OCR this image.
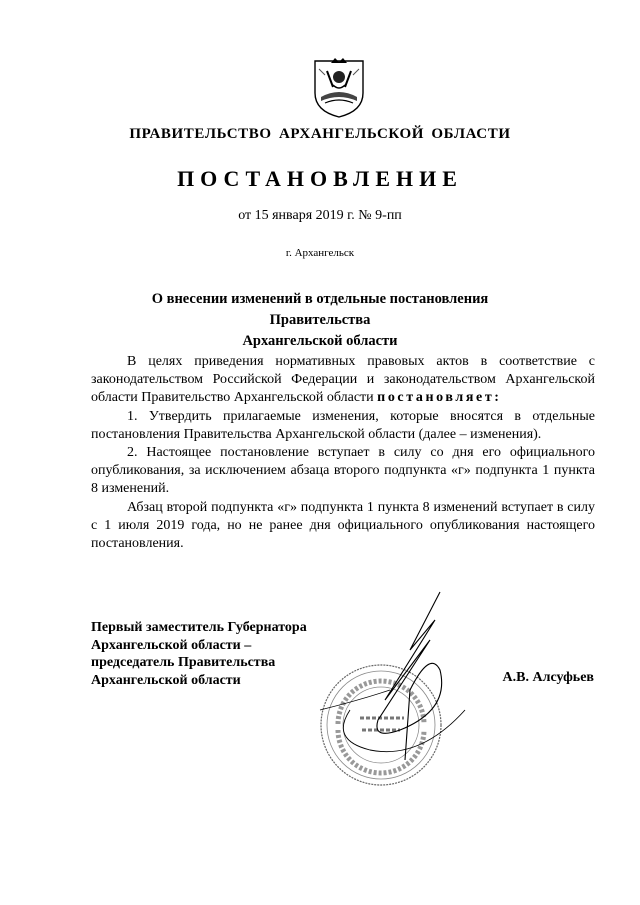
ПРАВИТЕЛЬСТВО АРХАНГЕЛЬСКОЙ ОБЛАСТИ
ПОСТАНОВЛЕНИЕ
от 15 января 2019 г. № 9-пп
г. Архангельск
О внесении изменений в отдельные постановления Правительства
Архангельской области

В целях приведения нормативных правовых актов в соответствие с законодательством Российской Федерации и законодательством Архангельской области Правительство Архангельской области постановляет:

1. Утвердить прилагаемые изменения, которые вносятся в отдельные постановления Правительства Архангельской области (далее – изменения).

2. Настоящее постановление вступает в силу со дня его официального опубликования, за исключением абзаца второго подпункта «г» подпункта 1 пункта 8 изменений.

Абзац второй подпункта «г» подпункта 1 пункта 8 изменений вступает в силу с 1 июля 2019 года, но не ранее дня официального опубликования настоящего постановления.

Первый заместитель Губернатора
Архангельской области –
председатель Правительства
Архангельской области	А.В. Алсуфьев
